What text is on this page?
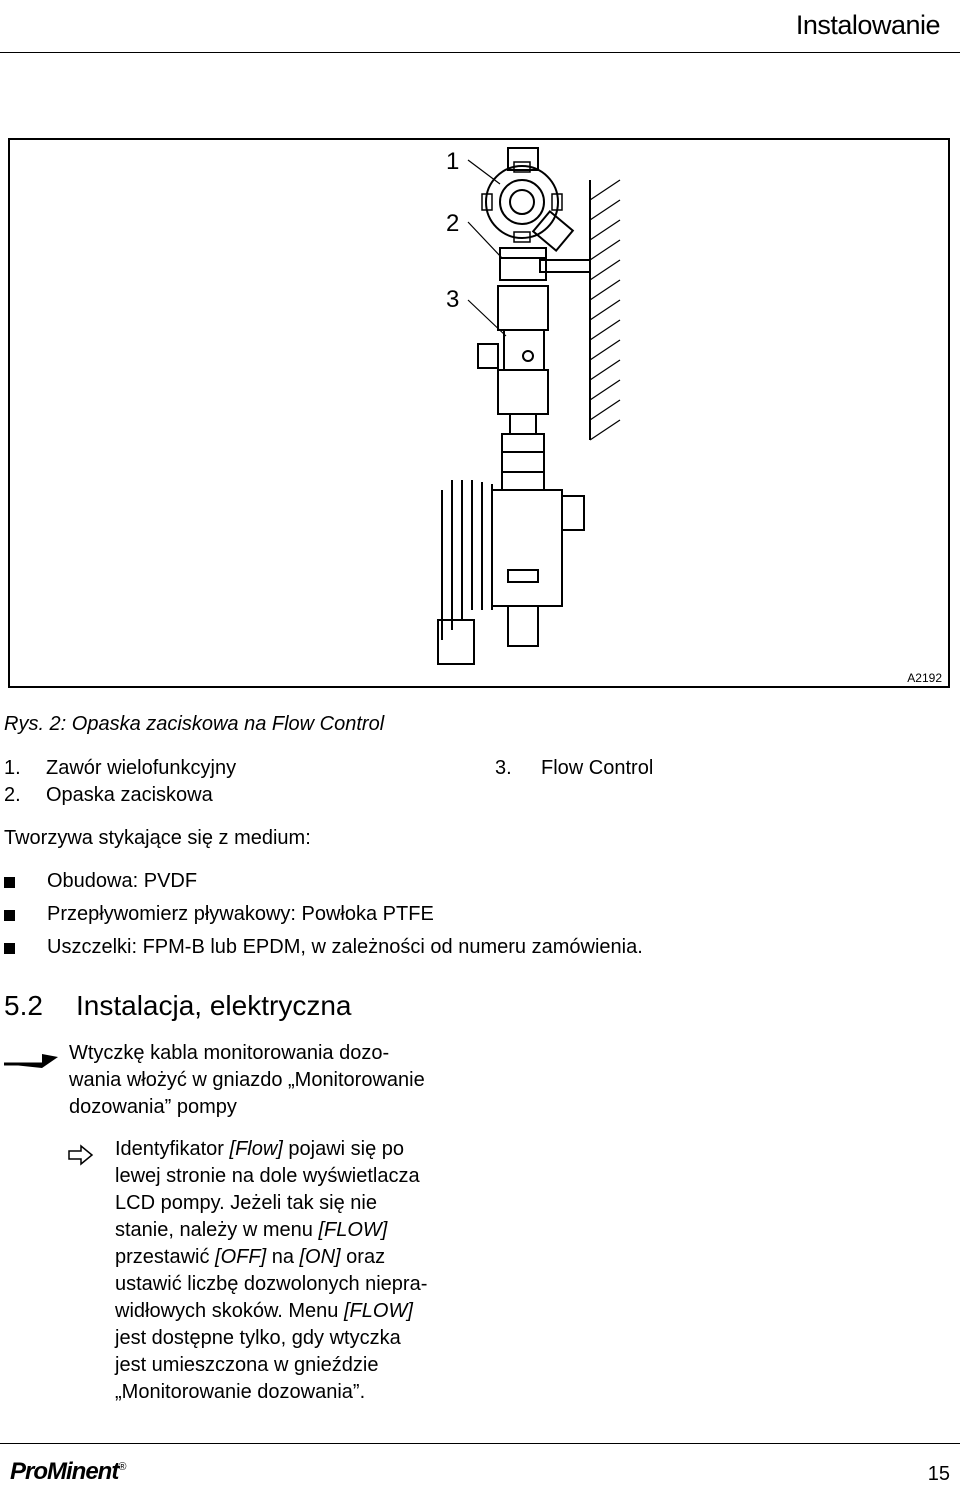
Instalowanie
1
2
3
A2192
Rys. 2: Opaska zaciskowa na Flow Control
1. Zawór wielofunkcyjny
2. Opaska zaciskowa
3. Flow Control
Tworzywa stykające się z medium:
Obudowa: PVDF
Przepływomierz pływakowy: Powłoka PTFE
Uszczelki: FPM-B lub EPDM, w zależności od numeru zamówienia.
5.2 Instalacja, elektryczna
Wtyczkę kabla monitorowania dozo-
wania włożyć w gniazdo „Monitorowanie
dozowania” pompy
Identyfikator [Flow] pojawi się po
lewej stronie na dole wyświetlacza
LCD pompy. Jeżeli tak się nie
stanie, należy w menu [FLOW]
przestawić [OFF] na [ON] oraz
ustawić liczbę dozwolonych niepra-
widłowych skoków. Menu [FLOW]
jest dostępne tylko, gdy wtyczka
jest umieszczona w gnieździe
„Monitorowanie dozowania”.
ProMinent®	15
